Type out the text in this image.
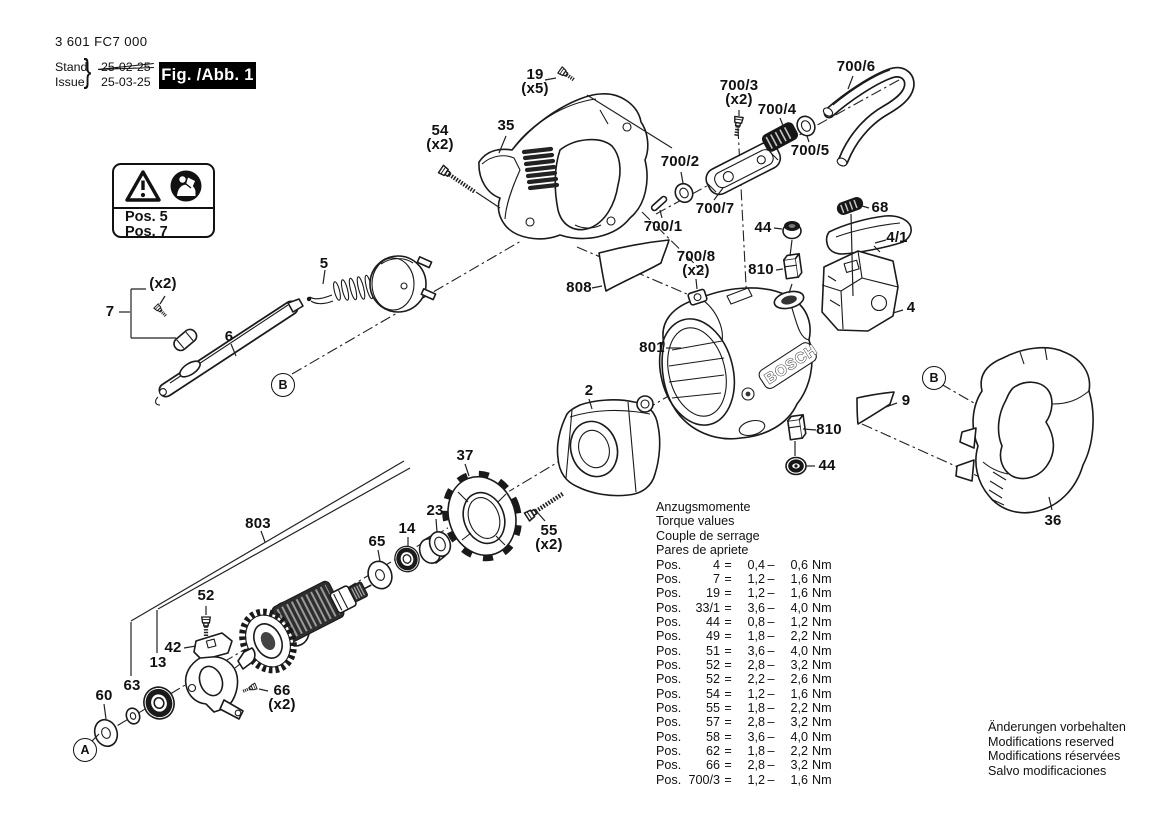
BOSCH
3 601 FC7 000
Stand
Issue } 25-02-25
25-03-25 Fig. /Abb. 1
Pos. 5
Pos. 7
19
(x5)
54
(x2)
35
700/3
(x2)
700/4
700/6
700/5
700/2
700/7
700/1
700/8
(x2)
68
44
810
4/1
808
801
4
(x2)
7
6
5
2
9
810
44
37
23
14
65
55
(x2)
803
52
42
13
63
60	66
(x2)
36
A
B	B
Anzugsmomente
Torque values
Couple de serrage
Pares de apriete
Pos.	4 =	0,4 –	0,6 Nm
Pos.	7 =	1,2 –	1,6 Nm
Pos.	19 =	1,2 –	1,6 Nm
Pos.	33/1 =	3,6 –	4,0 Nm
Pos.	44 =	0,8 –	1,2 Nm
Pos.	49 =	1,8 –	2,2 Nm
Pos.	51 =	3,6 –	4,0 Nm
Pos.	52 =	2,8 –	3,2 Nm
Pos.	52 =	2,2 –	2,6 Nm
Pos.	54 =	1,2 –	1,6 Nm
Pos.	55 =	1,8 –	2,2 Nm
Pos.	57 =	2,8 –	3,2 Nm
Pos.	58 =	3,6 –	4,0 Nm
Pos.	62 =	1,8 –	2,2 Nm
Pos.	66 =	2,8 –	3,2 Nm
Pos. 700/3 =	1,2 –	1,6 Nm
Änderungen vorbehalten
Modifications reserved
Modifications réservées
Salvo modificaciones
